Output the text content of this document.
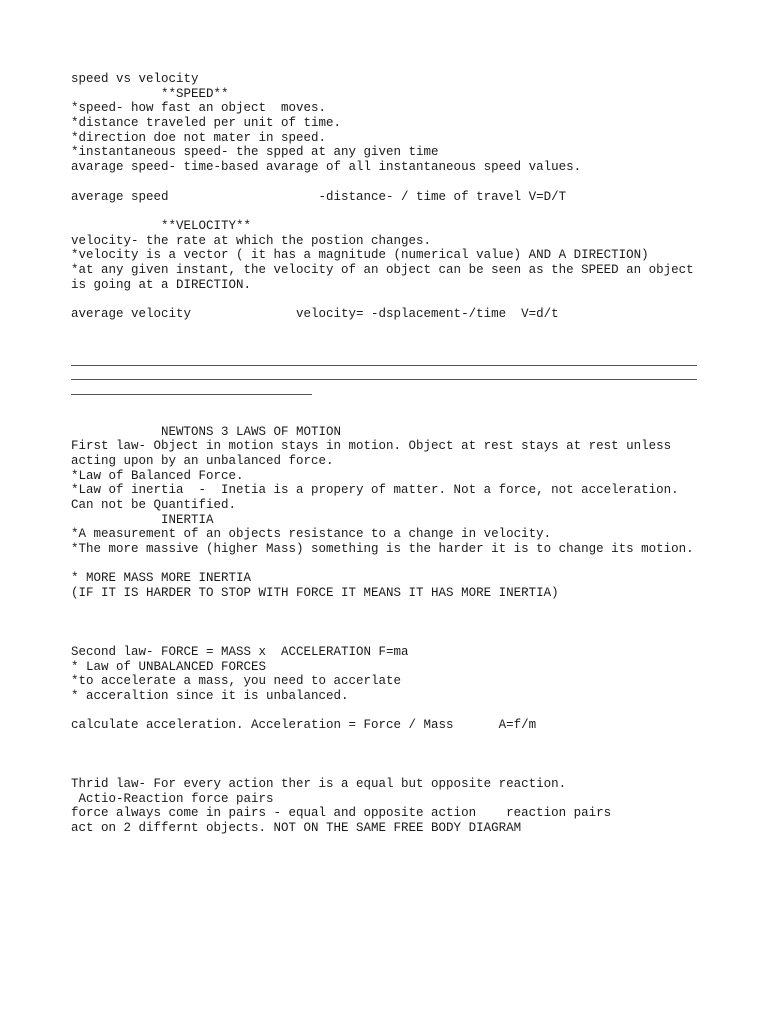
speed vs velocity
**SPEED**
*speed- how fast an object  moves.
*distance traveled per unit of time.
*direction doe not mater in speed.
*instantaneous speed- the spped at any given time
avarage speed- time-based avarage of all instantaneous speed values.
average speed                    -distance- / time of travel V=D/T
**VELOCITY**
velocity- the rate at which the postion changes.
*velocity is a vector ( it has a magnitude (numerical value) AND A DIRECTION)
*at any given instant, the velocity of an object can be seen as the SPEED an object
is going at a DIRECTION.
average velocity              velocity= -dsplacement-/time  V=d/t
NEWTONS 3 LAWS OF MOTION
First law- Object in motion stays in motion. Object at rest stays at rest unless
acting upon by an unbalanced force.
*Law of Balanced Force.
*Law of inertia  -  Inetia is a propery of matter. Not a force, not acceleration.
Can not be Quantified.
INERTIA
*A measurement of an objects resistance to a change in velocity.
*The more massive (higher Mass) something is the harder it is to change its motion.
* MORE MASS MORE INERTIA
(IF IT IS HARDER TO STOP WITH FORCE IT MEANS IT HAS MORE INERTIA)
Second law- FORCE = MASS x  ACCELERATION F=ma
* Law of UNBALANCED FORCES
*to accelerate a mass, you need to accerlate
* acceraltion since it is unbalanced.
calculate acceleration. Acceleration = Force / Mass      A=f/m
Thrid law- For every action ther is a equal but opposite reaction.
Actio-Reaction force pairs
force always come in pairs - equal and opposite action    reaction pairs
act on 2 differnt objects. NOT ON THE SAME FREE BODY DIAGRAM
